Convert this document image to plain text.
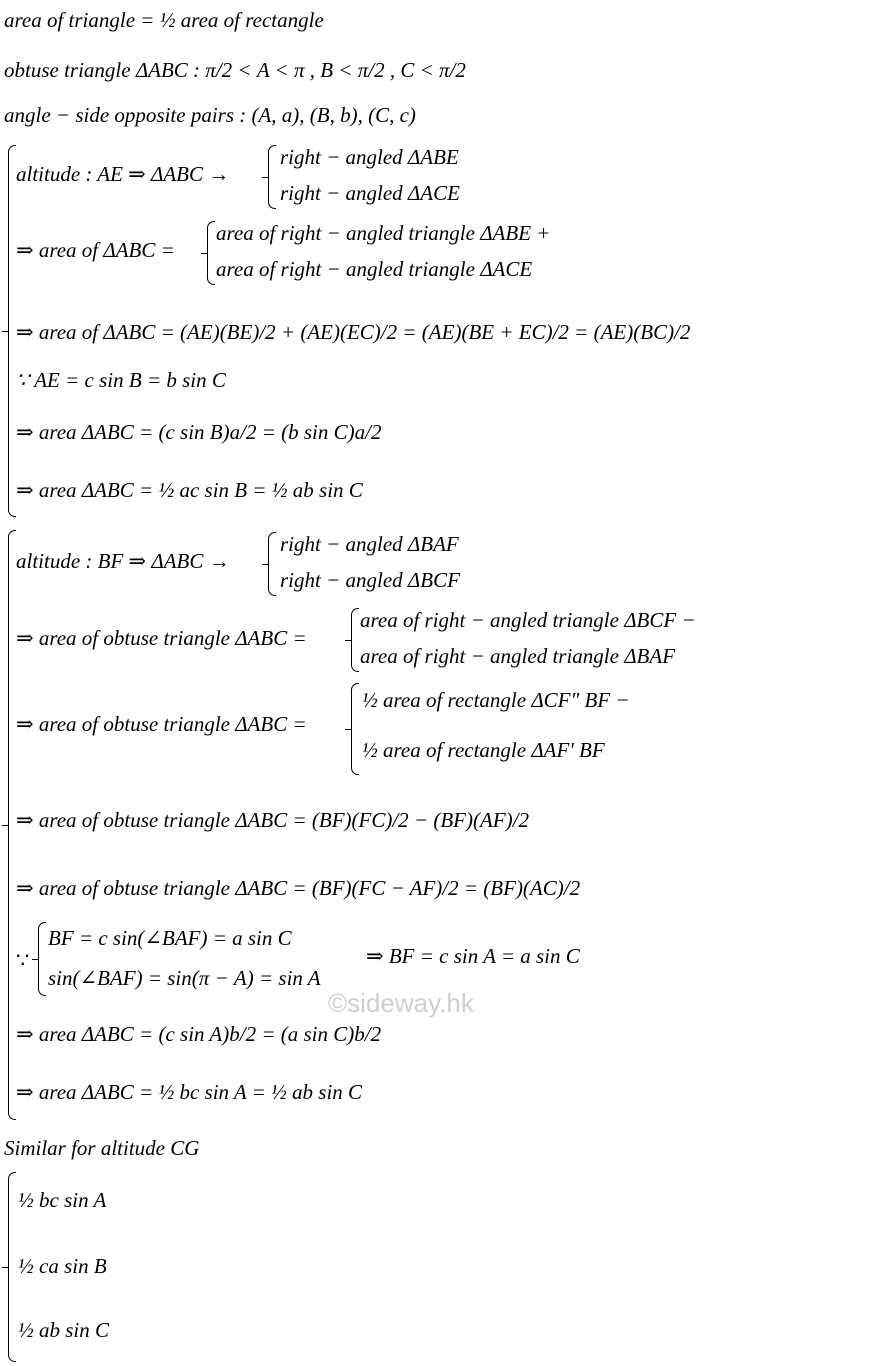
area of triangle = ½ area of rectangle
obtuse triangle ΔABC : π/2 < A < π , B < π/2 , C < π/2
angle − side opposite pairs : (A, a), (B, b), (C, c)
altitude : AE ⇒ ΔABC →
right − angled ΔABE
right − angled ΔACE
⇒ area of ΔABC =
area of right − angled triangle ΔABE +
area of right − angled triangle ΔACE
⇒ area of ΔABC = (AE)(BE)/2 + (AE)(EC)/2 = (AE)(BE + EC)/2 = (AE)(BC)/2
∵ AE = c sin B = b sin C
⇒ area ΔABC = (c sin B)a/2 = (b sin C)a/2
⇒ area ΔABC = ½ ac sin B = ½ ab sin C
altitude : BF ⇒ ΔABC →
right − angled ΔBAF
right − angled ΔBCF
⇒ area of obtuse triangle ΔABC =
area of right − angled triangle ΔBCF −
area of right − angled triangle ΔBAF
⇒ area of obtuse triangle ΔABC =
½ area of rectangle ΔCF" BF −
½ area of rectangle ΔAF' BF
⇒ area of obtuse triangle ΔABC = (BF)(FC)/2 − (BF)(AF)/2
⇒ area of obtuse triangle ΔABC = (BF)(FC − AF)/2 = (BF)(AC)/2
∵
BF = c sin(∠BAF) = a sin C
sin(∠BAF) = sin(π − A) = sin A
⇒ BF = c sin A = a sin C
⇒ area ΔABC = (c sin A)b/2 = (a sin C)b/2
⇒ area ΔABC = ½ bc sin A = ½ ab sin C
Similar for altitude CG
½ bc sin A
½ ca sin B
½ ab sin C
©sideway.hk
